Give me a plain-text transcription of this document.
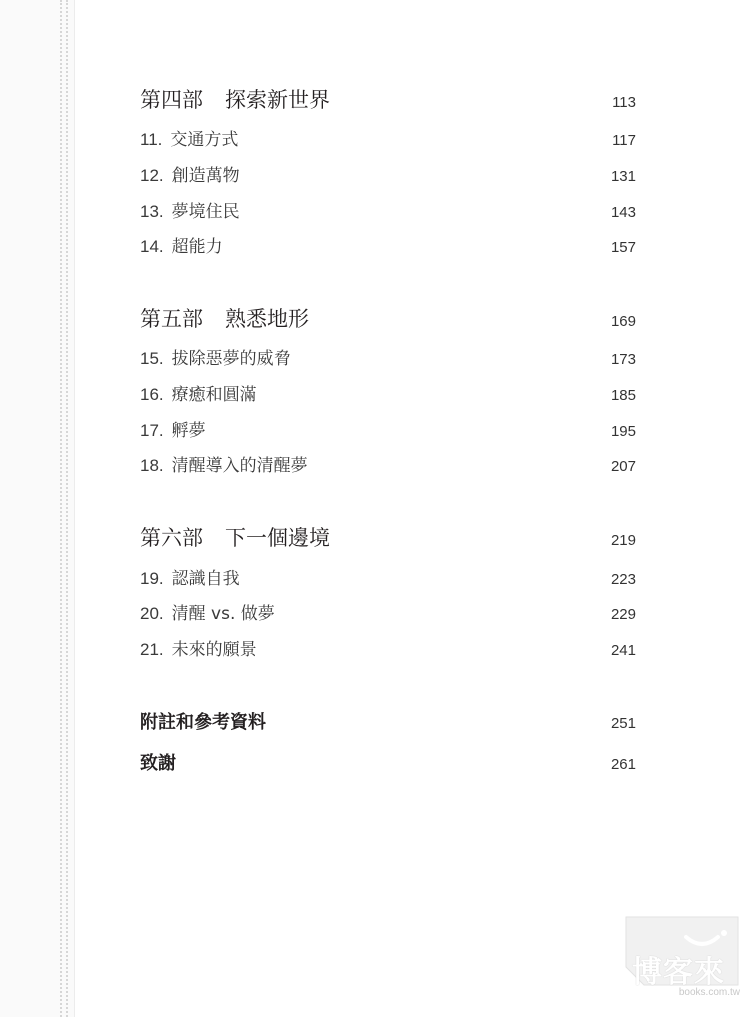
第四部 探索新世界	113
11. 交通方式	117
12. 創造萬物	131
13. 夢境住民	143
14. 超能力	157
第五部 熟悉地形	169
15. 拔除惡夢的威脅	173
16. 療癒和圓滿	185
17. 孵夢	195
18. 清醒導入的清醒夢	207
第六部 下一個邊境	219
19. 認識自我	223
20. 清醒 vs. 做夢	229
21. 未來的願景	241
附註和參考資料	251
致謝	261
博客來
books.com.tw
